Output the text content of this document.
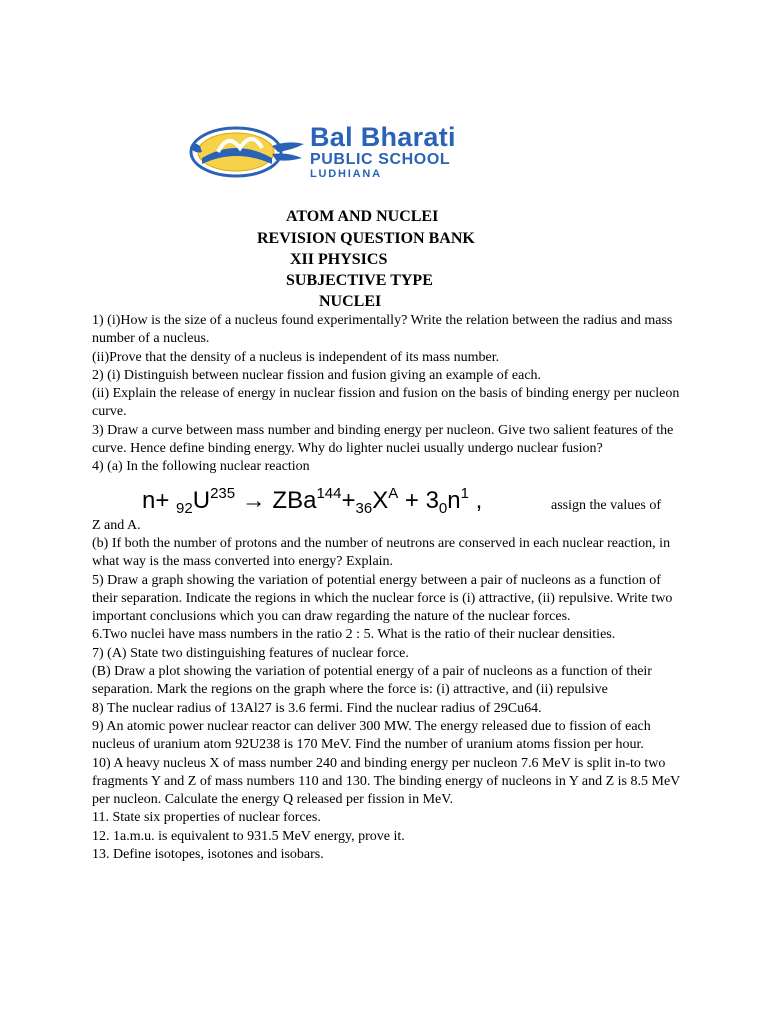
Bal Bharati
PUBLIC SCHOOL
LUDHIANA
ATOM AND NUCLEI
REVISION QUESTION BANK
XII PHYSICS
SUBJECTIVE TYPE
NUCLEI

1) (i)How is the size of a nucleus found experimentally? Write the relation between the radius and mass number of a nucleus.

(ii)Prove that the density of a nucleus is independent of its mass number.

2) (i) Distinguish between nuclear fission and fusion giving an example of each.

(ii) Explain the release of energy in nuclear fission and fusion on the basis of binding energy per nucleon curve.

3) Draw a curve between mass number and binding energy per nucleon. Give two salient features of the curve. Hence define binding energy. Why do lighter nuclei usually undergo nuclear fusion?

4) (a) In the following nuclear reaction

$n+ _{92}U^{235} \to ZBa^{144}+_{36}X^A + 3_0n^1$ ,	assign the values of

Z and A.

(b) If both the number of protons and the number of neutrons are conserved in each nuclear reaction, in what way is the mass converted into energy? Explain.

5) Draw a graph showing the variation of potential energy between a pair of nucleons as a function of their separation. Indicate the regions in which the nuclear force is (i) attractive, (ii) repulsive. Write two important conclusions which you can draw regarding the nature of the nuclear forces.

6.Two nuclei have mass numbers in the ratio 2 : 5. What is the ratio of their nuclear densities.

7) (A) State two distinguishing features of nuclear force.

(B) Draw a plot showing the variation of potential energy of a pair of nucleons as a function of their separation. Mark the regions on the graph where the force is: (i) attractive, and (ii) repulsive

8) The nuclear radius of 13Al27 is 3.6 fermi. Find the nuclear radius of 29Cu64.

9) An atomic power nuclear reactor can deliver 300 MW. The energy released due to fission of each nucleus of uranium atom 92U238 is 170 MeV. Find the number of uranium atoms fission per hour.

10) A heavy nucleus X of mass number 240 and binding energy per nucleon 7.6 MeV is split in-to two fragments Y and Z of mass numbers 110 and 130. The binding energy of nucleons in Y and Z is 8.5 MeV per nucleon. Calculate the energy Q released per fission in MeV.

11. State six properties of nuclear forces.

12. 1a.m.u. is equivalent to 931.5 MeV energy, prove it.

13. Define isotopes, isotones and isobars.
